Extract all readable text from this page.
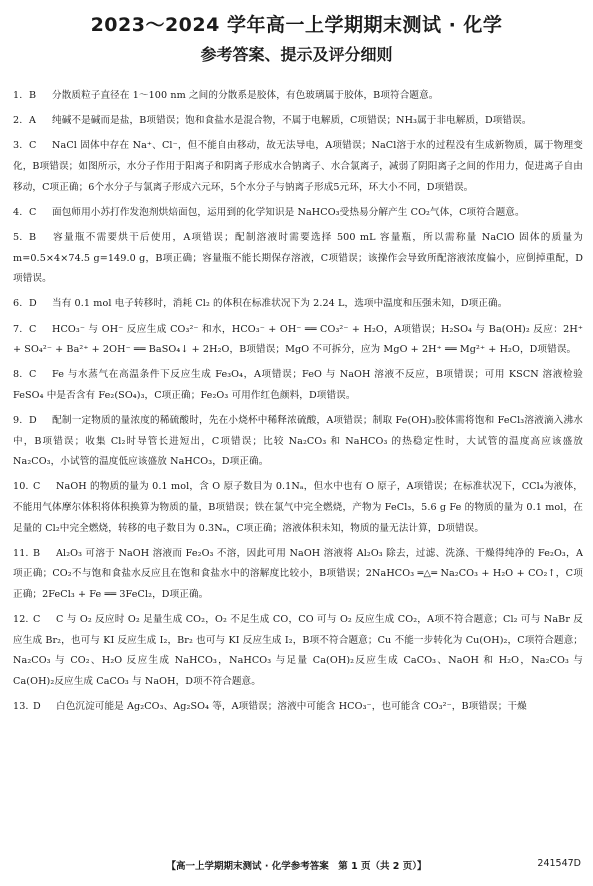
2023～2024 学年高一上学期期末测试 · 化学
参考答案、提示及评分细则
1. B 分散质粒子直径在 1～100 nm 之间的分散系是胶体，有色玻璃属于胶体，B项符合题意。
2. A 纯碱不是碱而是盐，B项错误；饱和食盐水是混合物，不属于电解质，C项错误；NH₃属于非电解质，D项错误。
3. C NaCl 固体中存在 Na⁺、Cl⁻，但不能自由移动，故无法导电，A项错误；NaCl溶于水的过程没有生成新物质，属于物理变化，B项错误；如图所示，水分子作用于阳离子和阴离子形成水合钠离子、水合氯离子，减弱了阴阳离子之间的作用力，促进离子自由移动，C项正确；6个水分子与氯离子形成六元环，5个水分子与钠离子形成5元环，环大小不同，D项错误。
4. C 面包师用小苏打作发泡剂烘焙面包，运用到的化学知识是 NaHCO₃受热易分解产生 CO₂气体，C项符合题意。
5. B 容量瓶不需要烘干后使用，A项错误；配制溶液时需要选择 500 mL 容量瓶，所以需称量 NaClO 固体的质量为 m=0.5×4×74.5 g=149.0 g，B项正确；容量瓶不能长期保存溶液，C项错误；该操作会导致所配溶液浓度偏小，应倒掉重配，D项错误。
6. D 当有 0.1 mol 电子转移时，消耗 Cl₂ 的体积在标准状况下为 2.24 L，选项中温度和压强未知，D项正确。
7. C HCO₃⁻ 与 OH⁻ 反应生成 CO₃²⁻ 和水，HCO₃⁻ + OH⁻ ══ CO₃²⁻ + H₂O，A项错误；H₂SO₄ 与 Ba(OH)₂ 反应：2H⁺ + SO₄²⁻ + Ba²⁺ + 2OH⁻ ══ BaSO₄↓ + 2H₂O，B项错误；MgO 不可拆分，应为 MgO + 2H⁺ ══ Mg²⁺ + H₂O，D项错误。
8. C Fe 与水蒸气在高温条件下反应生成 Fe₃O₄，A项错误；FeO 与 NaOH 溶液不反应，B项错误；可用 KSCN 溶液检验 FeSO₄ 中是否含有 Fe₂(SO₄)₃，C项正确；Fe₂O₃ 可用作红色颜料，D项错误。
9. D 配制一定物质的量浓度的稀硫酸时，先在小烧杯中稀释浓硫酸，A项错误；制取 Fe(OH)₃胶体需将饱和 FeCl₃溶液滴入沸水中，B项错误；收集 Cl₂时导管长进短出，C项错误；比较 Na₂CO₃ 和 NaHCO₃ 的热稳定性时，大试管的温度高应该盛放 Na₂CO₃，小试管的温度低应该盛放 NaHCO₃，D项正确。
10. C NaOH 的物质的量为 0.1 mol，含 O 原子数目为 0.1Nₐ，但水中也有 O 原子，A项错误；在标准状况下，CCl₄为液体，不能用气体摩尔体积将体积换算为物质的量，B项错误；铁在氯气中完全燃烧，产物为 FeCl₃，5.6 g Fe 的物质的量为 0.1 mol，在足量的 Cl₂中完全燃烧，转移的电子数目为 0.3Nₐ，C项正确；溶液体积未知，物质的量无法计算，D项错误。
11. B Al₂O₃ 可溶于 NaOH 溶液而 Fe₂O₃ 不溶，因此可用 NaOH 溶液将 Al₂O₃ 除去，过滤、洗涤、干燥得纯净的 Fe₂O₃，A项正确；CO₂不与饱和食盐水反应且在饱和食盐水中的溶解度比较小，B项错误；2NaHCO₃ ═△═ Na₂CO₃ + H₂O + CO₂↑，C项正确；2FeCl₃ + Fe ══ 3FeCl₂，D项正确。
12. C C 与 O₂ 反应时 O₂ 足量生成 CO₂，O₂ 不足生成 CO，CO 可与 O₂ 反应生成 CO₂，A项不符合题意；Cl₂ 可与 NaBr 反应生成 Br₂，也可与 KI 反应生成 I₂，Br₂ 也可与 KI 反应生成 I₂，B项不符合题意；Cu 不能一步转化为 Cu(OH)₂，C项符合题意；Na₂CO₃ 与 CO₂、H₂O 反应生成 NaHCO₃，NaHCO₃ 与足量 Ca(OH)₂反应生成 CaCO₃、NaOH 和 H₂O，Na₂CO₃ 与 Ca(OH)₂反应生成 CaCO₃ 与 NaOH，D项不符合题意。
13. D 白色沉淀可能是 Ag₂CO₃、Ag₂SO₄ 等，A项错误；溶液中可能含 HCO₃⁻，也可能含 CO₃²⁻，B项错误；干燥
【高一上学期期末测试 · 化学参考答案　第 1 页（共 2 页）】	241547D
